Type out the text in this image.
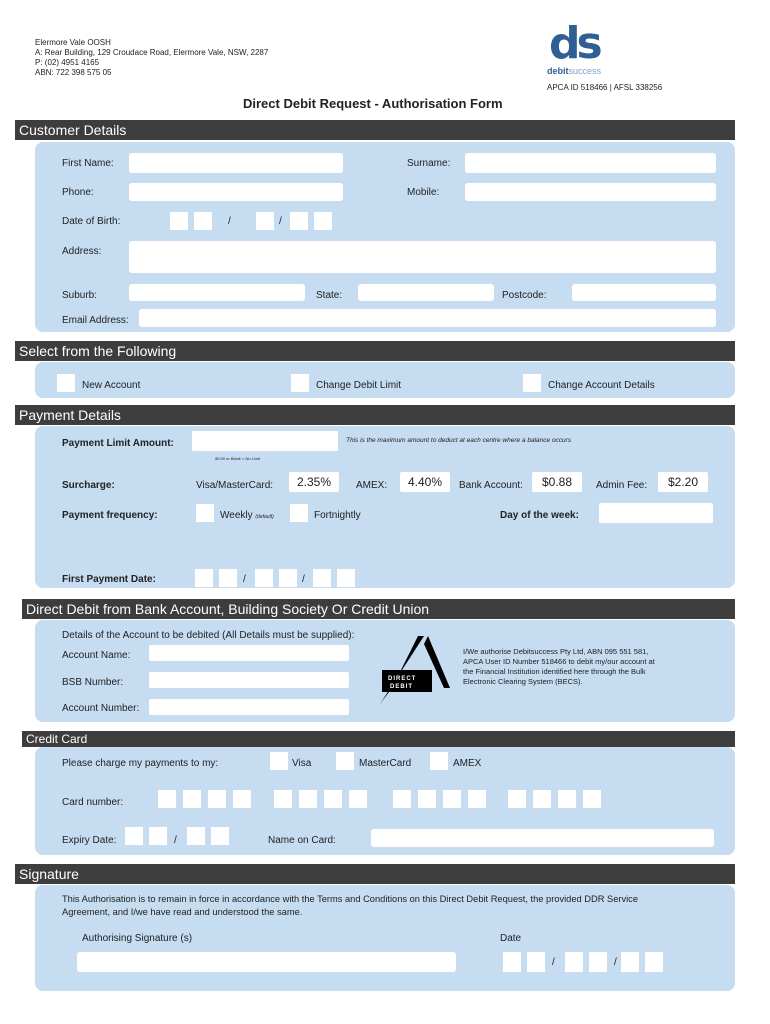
Elermore Vale OOSH
A: Rear Building, 129 Croudace Road, Elermore Vale, NSW, 2287
P: (02) 4951 4165
ABN: 722 398 575 05
ds
debitsuccess
APCA ID 518466 | AFSL 338256
Direct Debit Request - Authorisation Form
Customer Details
First Name:	Surname:
Phone:	Mobile:
Date of Birth:	/	/
Address:
Suburb:	State:	Postcode:
Email Address:
Select from the Following
New Account	Change Debit Limit	Change Account Details
Payment Details
Payment Limit Amount:	This is the maximum amount to deduct at each centre where a balance occurs
$0.00 or Blank = No Limit
Surcharge:	Visa/MasterCard:	2.35%	AMEX:	4.40%	Bank Account:	$0.88	Admin Fee:	$2.20
Payment frequency:	Weekly (default)	Fortnightly	Day of the week:
First Payment Date:	/	/
Direct Debit from Bank Account, Building Society Or Credit Union
Details of the Account to be debited (All Details must be supplied):
Account Name:
BSB Number:
Account Number:
DIRECT
DEBIT
I/We authorise Debitsuccess Pty Ltd, ABN 095 551 581,
APCA User ID Number 518466 to debit my/our account at
the Financial Institution identified here through the Bulk
Electronic Clearing System (BECS).
Credit Card
Please charge my payments to my:	Visa	MasterCard	AMEX
Card number:
Expiry Date:	/	Name on Card:
Signature
This Authorisation is to remain in force in accordance with the Terms and Conditions on this Direct Debit Request, the provided DDR Service
Agreement, and I/we have read and understood the same.
Authorising Signature (s)	Date
/	/
